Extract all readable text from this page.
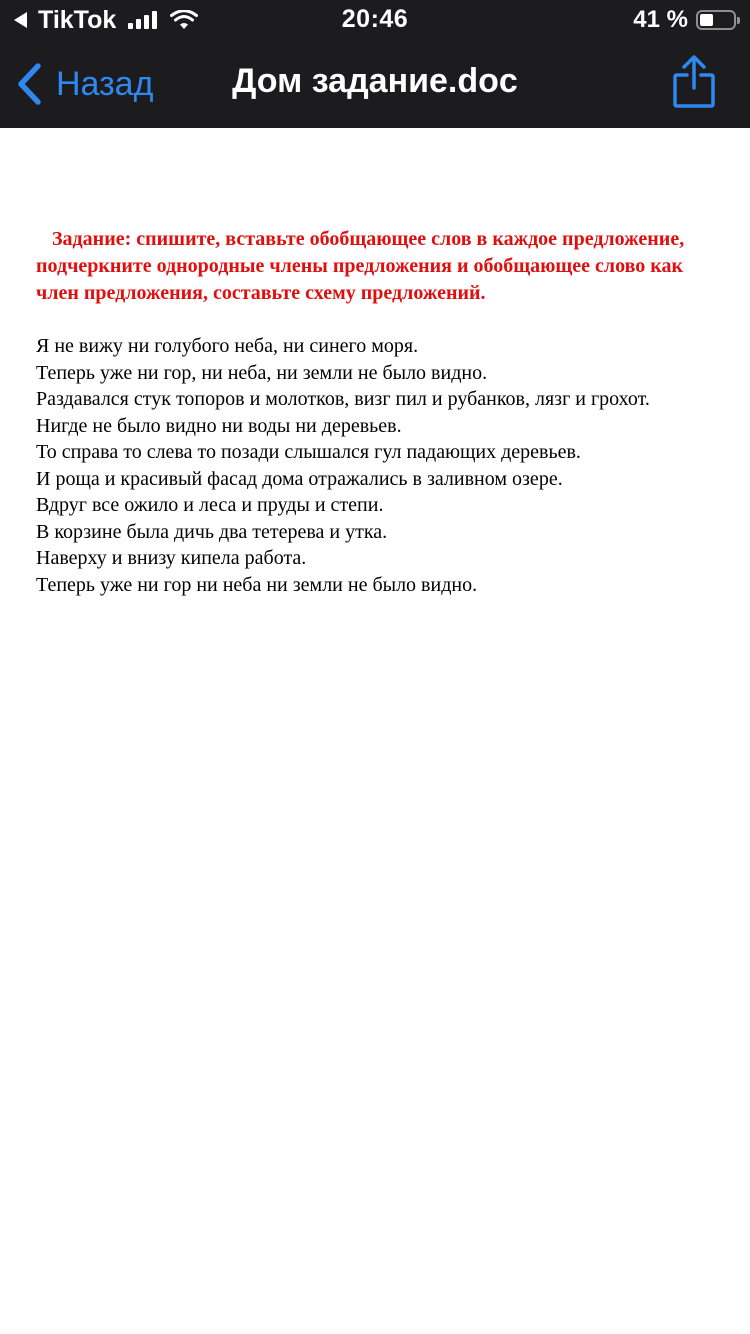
TikTok	20:46	41 %
Назад	Дом задание.doc

Задание: спишите, вставьте обобщающее слов в каждое предложение, подчеркните однородные члены предложения и обобщающее слово как член предложения, составьте схему предложений.

Я не вижу ни голубого неба, ни синего моря.
Теперь уже ни гор, ни неба, ни земли не было видно.
Раздавался стук топоров и молотков, визг пил и рубанков, лязг и грохот.
Нигде не было видно ни воды ни деревьев.
То справа то слева то позади слышался гул падающих деревьев.
И роща и красивый фасад дома отражались в заливном озере.
Вдруг все ожило и леса и пруды и степи.
В корзине была дичь два тетерева и утка.
Наверху и внизу кипела работа.
Теперь уже ни гор ни неба ни земли не было видно.
